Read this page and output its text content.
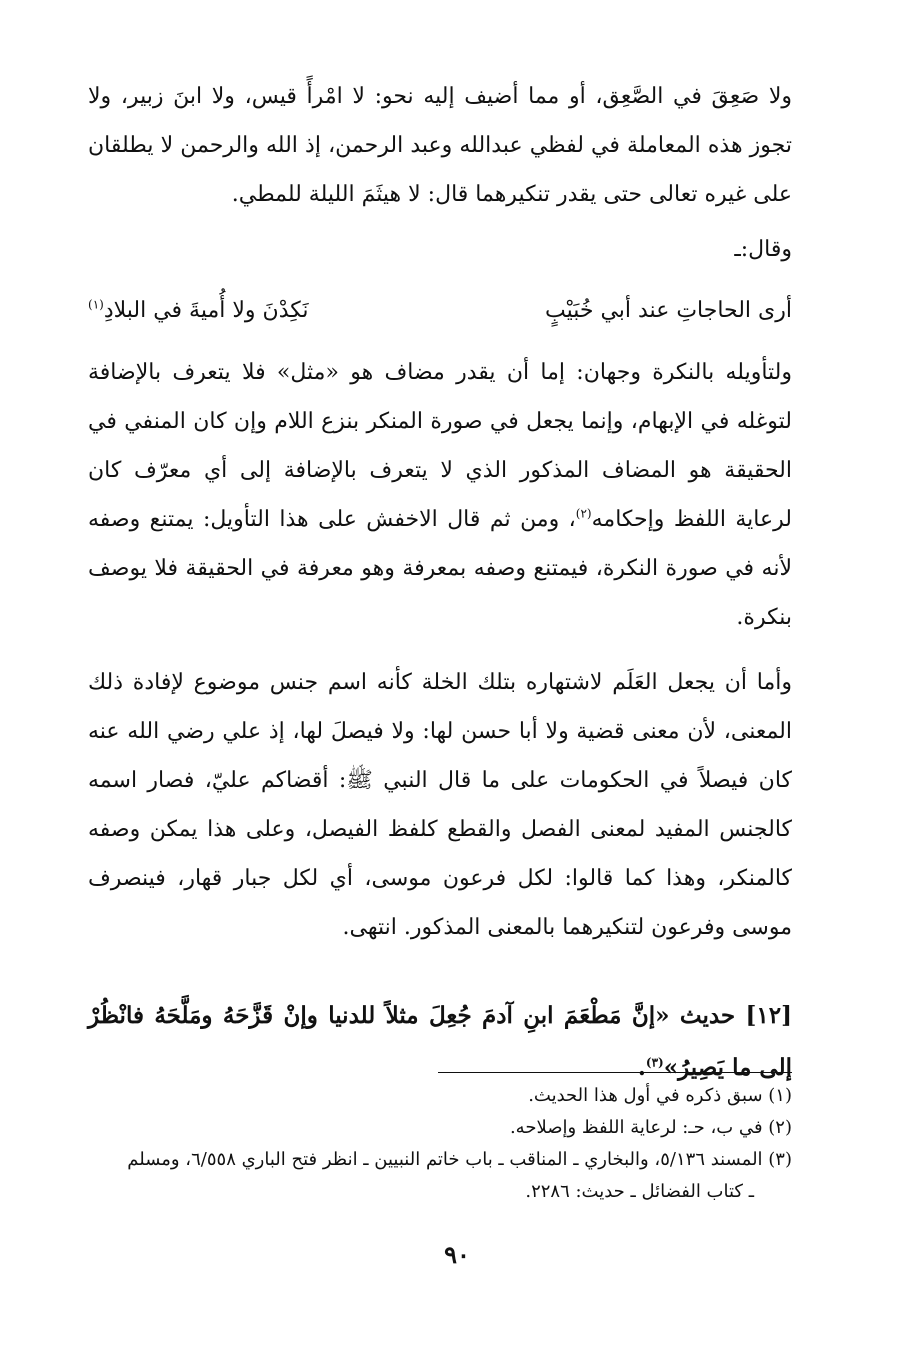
ولا صَعِقَ في الصَّعِق، أو مما أضيف إليه نحو: لا امْرأً قيس، ولا ابنَ زبير، ولا تجوز هذه المعاملة في لفظي عبدالله وعبد الرحمن، إذ الله والرحمن لا يطلقان على غيره تعالى حتى يقدر تنكيرهما قال: لا هيثَمَ الليلة للمطي.

وقال:ـ

أرى الحاجاتِ عند أبي خُبَيْبٍ
نَكِدْنَ ولا أُميةَ في البلادِ$^{(١)}$

ولتأويله بالنكرة وجهان: إما أن يقدر مضاف هو «مثل» فلا يتعرف بالإضافة لتوغله في الإبهام، وإنما يجعل في صورة المنكر بنزع اللام وإن كان المنفي في الحقيقة هو المضاف المذكور الذي لا يتعرف بالإضافة إلى أي معرّف كان لرعاية اللفظ وإحكامه$^{(٢)}$، ومن ثم قال الاخفش على هذا التأويل: يمتنع وصفه لأنه في صورة النكرة، فيمتنع وصفه بمعرفة وهو معرفة في الحقيقة فلا يوصف بنكرة.

وأما أن يجعل العَلَم لاشتهاره بتلك الخلة كأنه اسم جنس موضوع لإفادة ذلك المعنى، لأن معنى قضية ولا أبا حسن لها: ولا فيصلَ لها، إذ علي رضي الله عنه كان فيصلاً في الحكومات على ما قال النبي ﷺ: أقضاكم عليّ، فصار اسمه كالجنس المفيد لمعنى الفصل والقطع كلفظ الفيصل، وعلى هذا يمكن وصفه كالمنكر، وهذا كما قالوا: لكل فرعون موسى، أي لكل جبار قهار، فينصرف موسى وفرعون لتنكيرهما بالمعنى المذكور. انتهى.

[١٢] حديث «إنَّ مَطْعَمَ ابنِ آدمَ جُعِلَ مثلاً للدنيا وإنْ قَزَّحَهُ ومَلَّحَهُ فانْظُرْ إلى ما يَصِيرُ»$^{(٣)}$.

(١) سبق ذكره في أول هذا الحديث.

(٢) في ب، حـ: لرعاية اللفظ وإصلاحه.

(٣) المسند ٥/١٣٦، والبخاري ـ المناقب ـ باب خاتم النبيين ـ انظر فتح الباري ٦/٥٥٨، ومسلم

ـ كتاب الفضائل ـ حديث: ٢٢٨٦.

٩٠
